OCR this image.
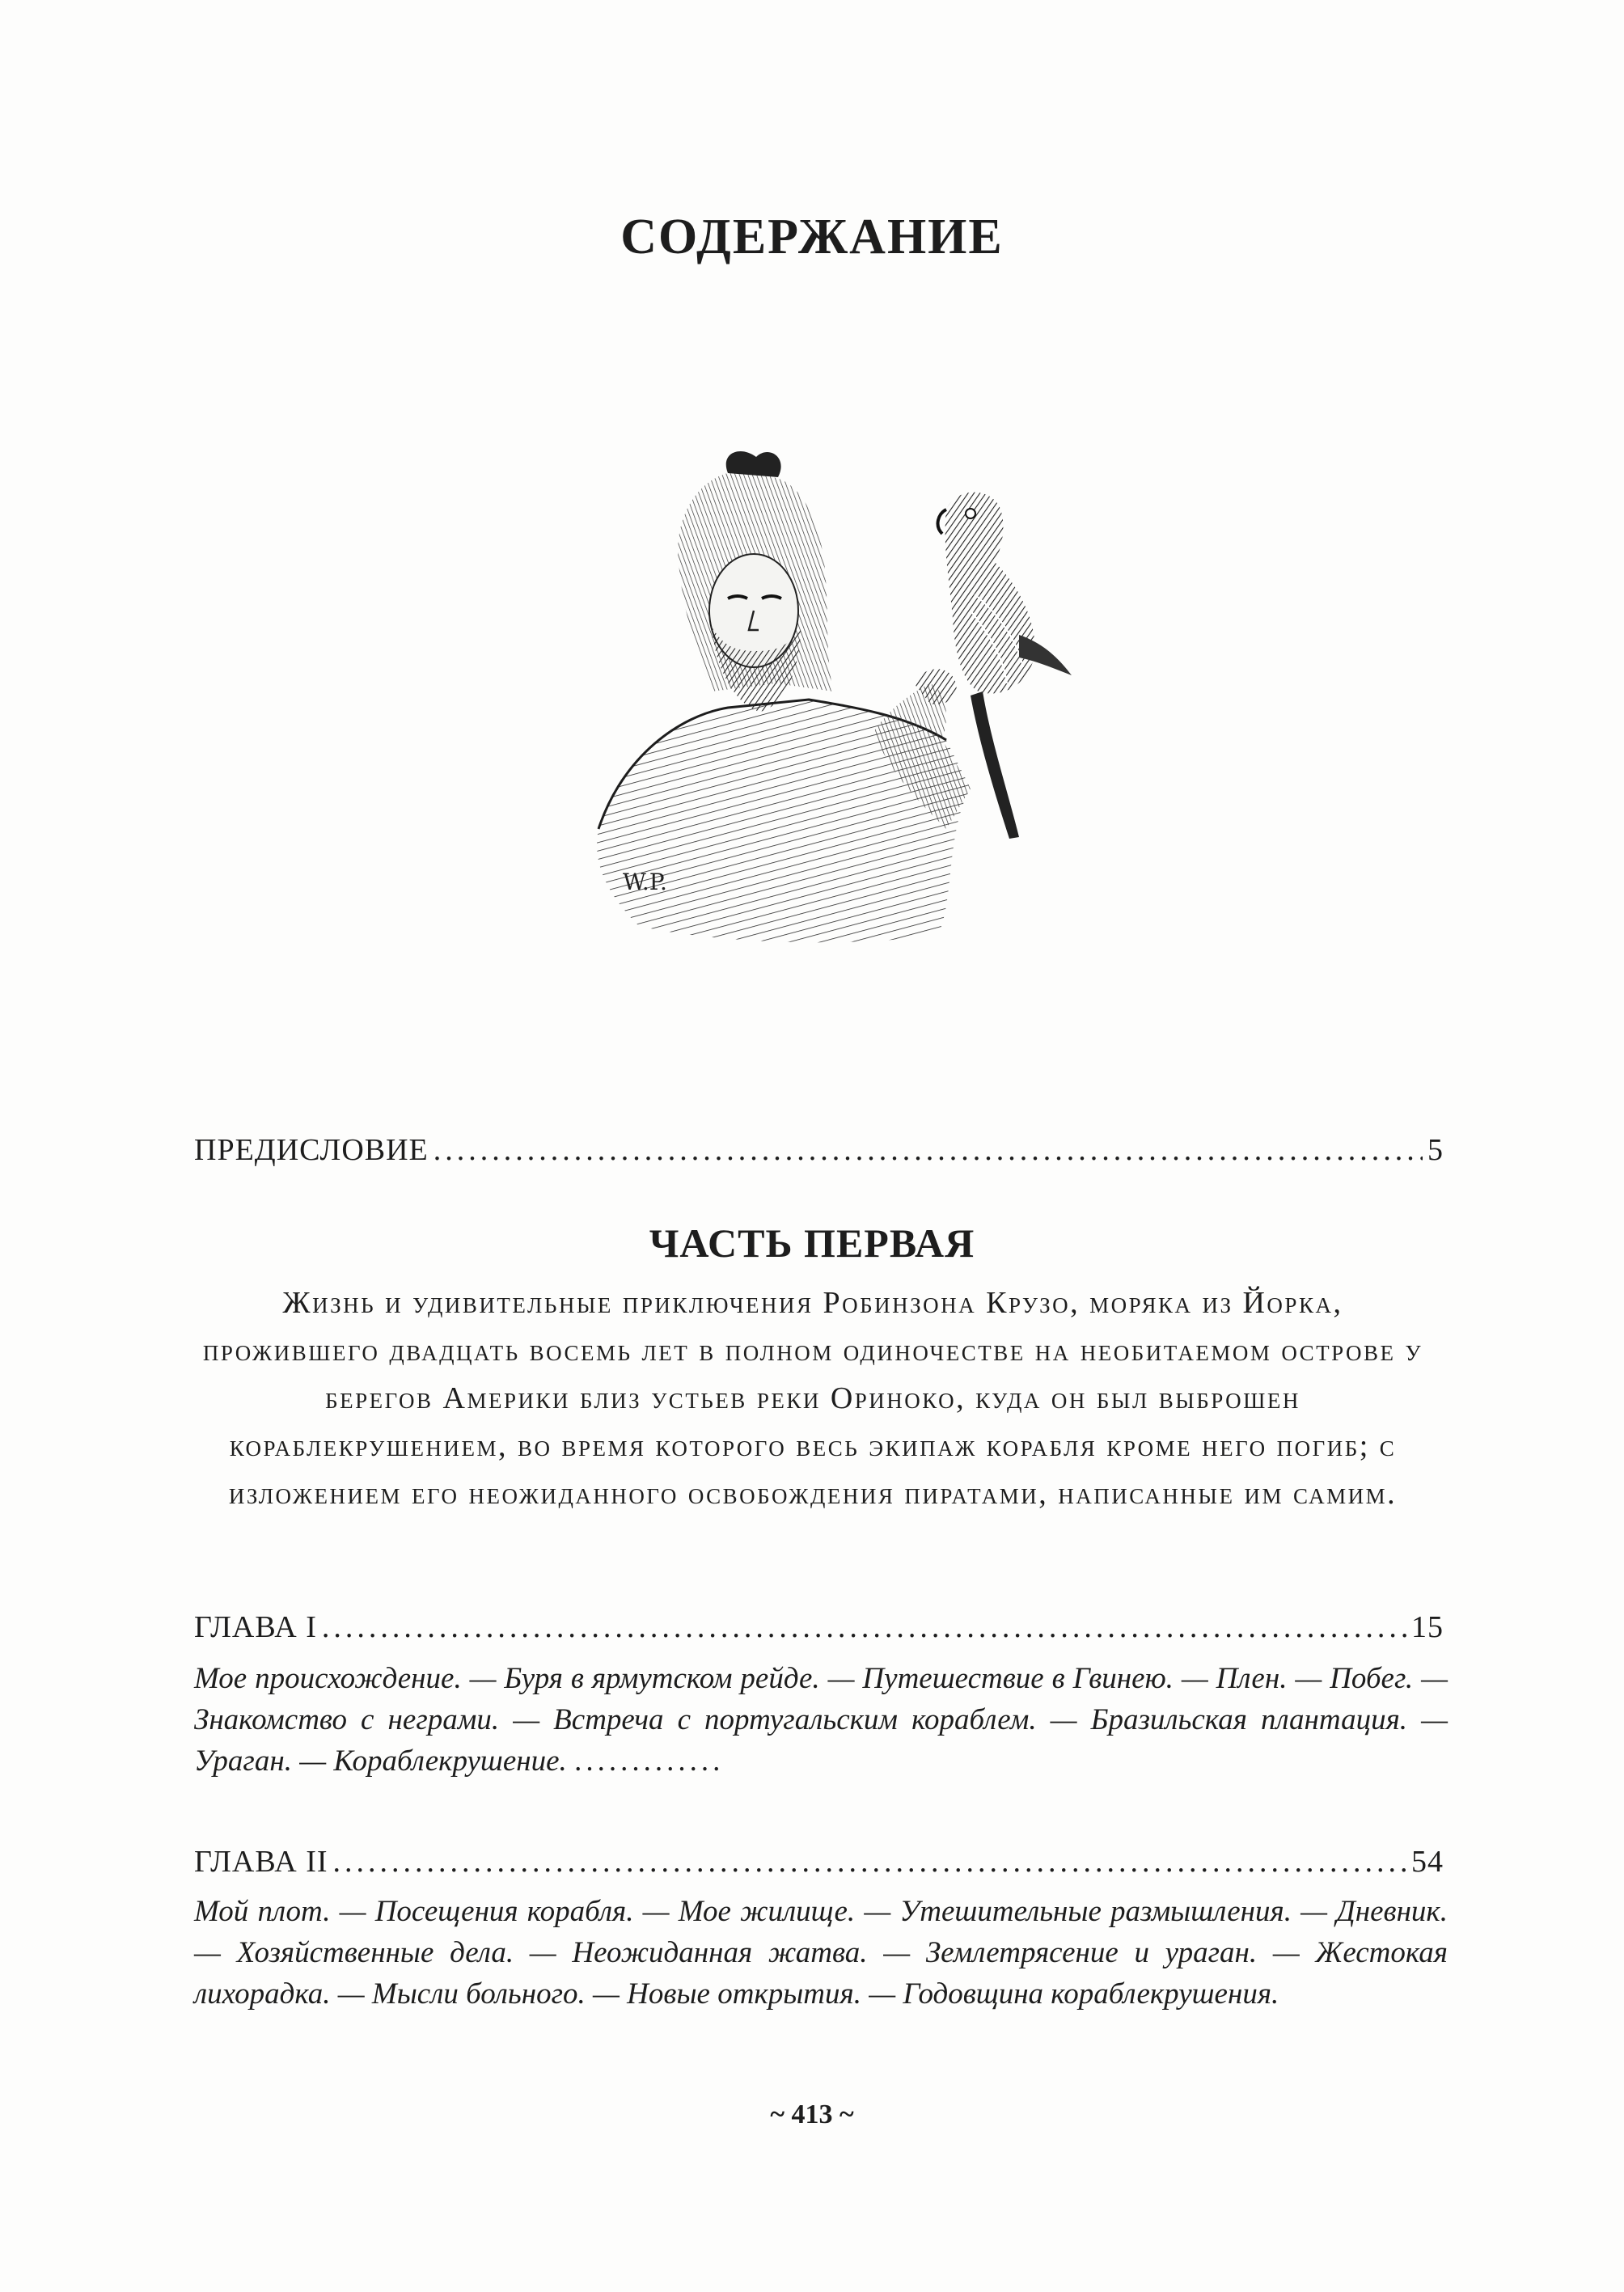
СОДЕРЖАНИЕ
W.P.
ПРЕДИСЛОВИЕ .....	5
ЧАСТЬ ПЕРВАЯ
Жизнь и удивительные приключения Робинзона Крузо, моряка из Йорка, прожившего двадцать восемь лет в полном одиночестве на необитаемом острове у берегов Америки близ устьев реки Ориноко, куда он был выброшен кораблекрушением, во время которого весь экипаж корабля кроме него погиб; с изложением его неожиданного освобождения пиратами, написанные им самим.
ГЛАВА I .....	15
Мое происхождение. — Буря в ярмутском рейде. — Путешествие в Гвинею. — Плен. — Побег. — Знакомство с неграми. — Встреча с португальским кораблем. — Бразильская плантация. — Ураган. — Кораблекрушение. .............
ГЛАВА II .....	54
Мой плот. — Посещения корабля. — Мое жилище. — Утешительные размышления. — Дневник. — Хозяйственные дела. — Неожиданная жатва. — Землетрясение и ураган. — Жестокая лихорадка. — Мысли больного. — Новые открытия. — Годовщина кораблекрушения.
~ 413 ~
